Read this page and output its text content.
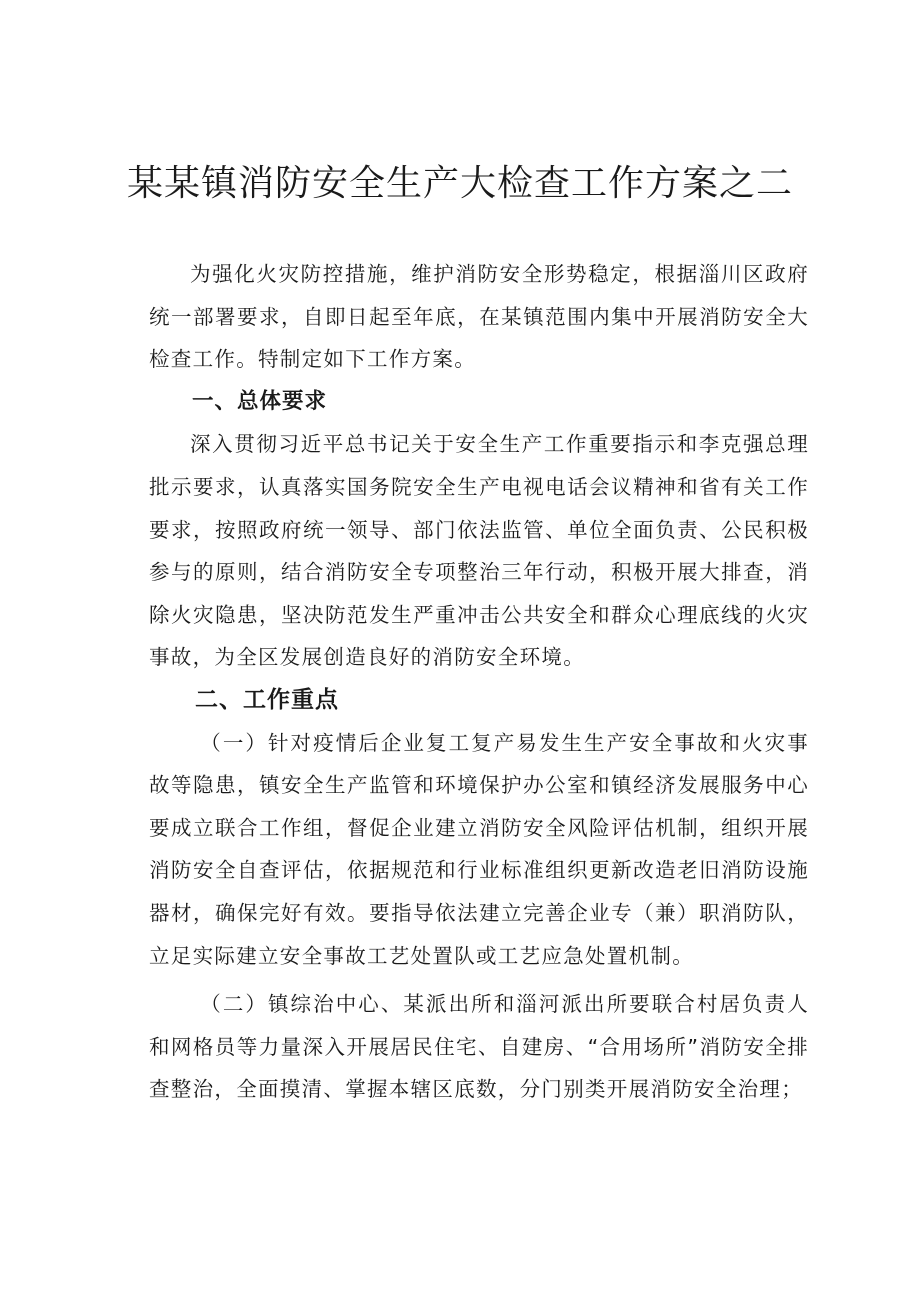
某某镇消防安全生产大检查工作方案之二

为强化火灾防控措施，维护消防安全形势稳定，根据淄川区政府统一部署要求，自即日起至年底，在某镇范围内集中开展消防安全大检查工作。特制定如下工作方案。

一、总体要求

深入贯彻习近平总书记关于安全生产工作重要指示和李克强总理批示要求，认真落实国务院安全生产电视电话会议精神和省有关工作要求，按照政府统一领导、部门依法监管、单位全面负责、公民积极参与的原则，结合消防安全专项整治三年行动，积极开展大排查，消除火灾隐患，坚决防范发生严重冲击公共安全和群众心理底线的火灾事故，为全区发展创造良好的消防安全环境。

二、工作重点

（一）针对疫情后企业复工复产易发生生产安全事故和火灾事故等隐患，镇安全生产监管和环境保护办公室和镇经济发展服务中心要成立联合工作组，督促企业建立消防安全风险评估机制，组织开展消防安全自查评估，依据规范和行业标准组织更新改造老旧消防设施器材，确保完好有效。要指导依法建立完善企业专（兼）职消防队，立足实际建立安全事故工艺处置队或工艺应急处置机制。

（二）镇综治中心、某派出所和淄河派出所要联合村居负责人和网格员等力量深入开展居民住宅、自建房、“合用场所”消防安全排查整治，全面摸清、掌握本辖区底数，分门别类开展消防安全治理；
